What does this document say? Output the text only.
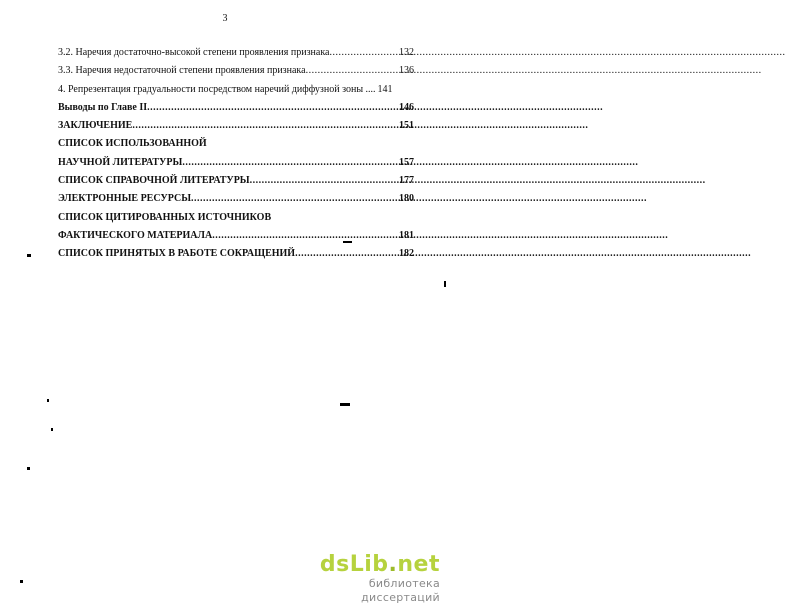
3
3.2. Наречия достаточно-высокой степени проявления признака .....	132
3.3. Наречия недостаточной степени проявления признака .....	136
4. Репрезентация градуальности посредством наречий диффузной зоны .... 141
Выводы по Главе II .....	146
ЗАКЛЮЧЕНИЕ .....	151
СПИСОК ИСПОЛЬЗОВАННОЙ
НАУЧНОЙ ЛИТЕРАТУРЫ .....	157
СПИСОК СПРАВОЧНОЙ ЛИТЕРАТУРЫ .....	177
ЭЛЕКТРОННЫЕ РЕСУРСЫ .....	180
СПИСОК ЦИТИРОВАННЫХ ИСТОЧНИКОВ
ФАКТИЧЕСКОГО МАТЕРИАЛА .....	181
СПИСОК ПРИНЯТЫХ В РАБОТЕ СОКРАЩЕНИЙ .....	182
dsLib.net
библиотека диссертаций
